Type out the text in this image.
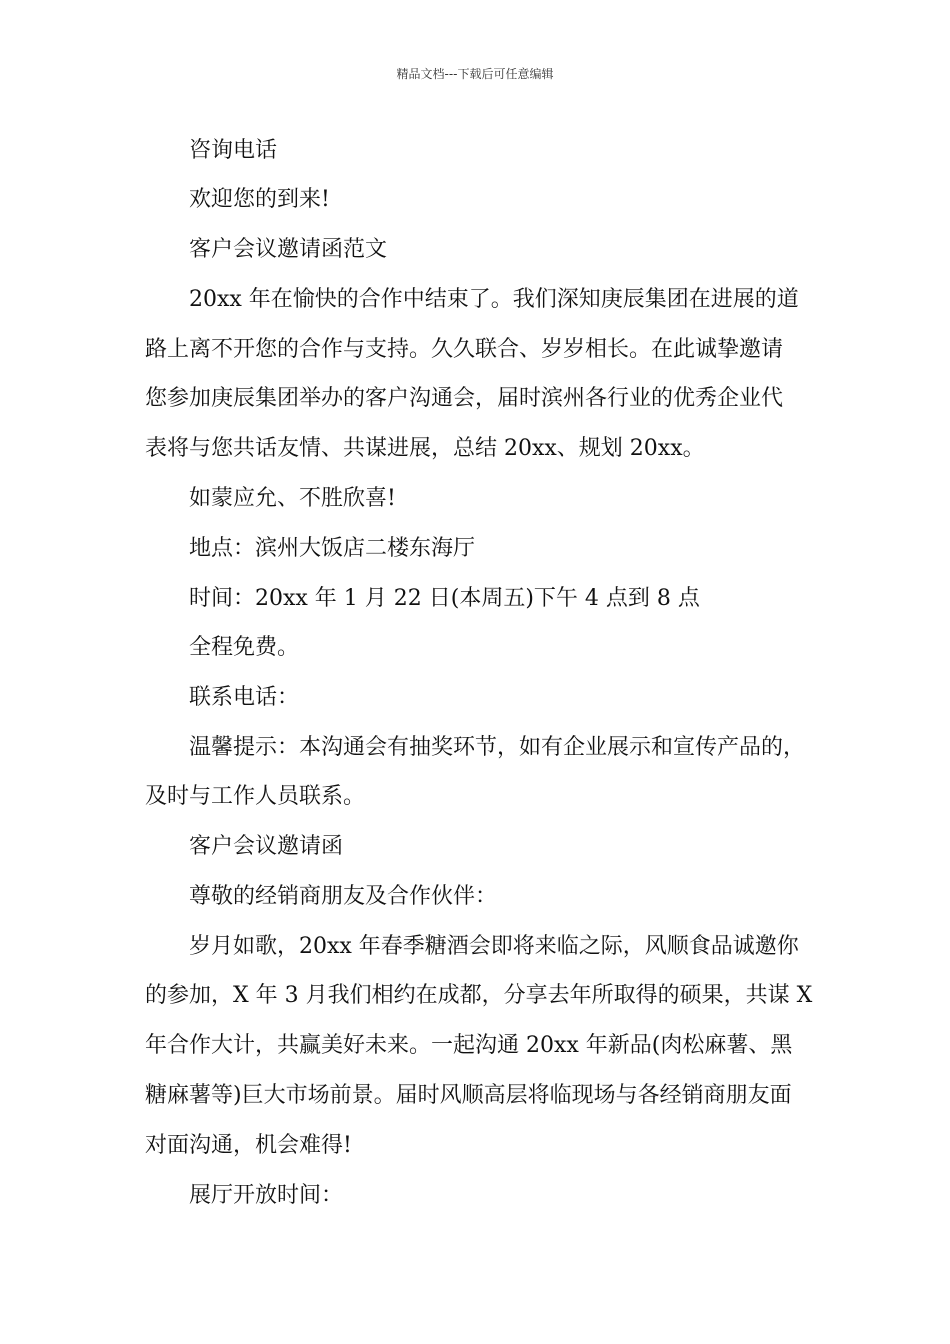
精品文档---下载后可任意编辑
咨询电话
欢迎您的到来!
客户会议邀请函范文
20xx 年在愉快的合作中结束了。我们深知庚辰集团在进展的道
路上离不开您的合作与支持。久久联合、岁岁相长。在此诚挚邀请
您参加庚辰集团举办的客户沟通会，届时滨州各行业的优秀企业代
表将与您共话友情、共谋进展，总结 20xx、规划 20xx。
如蒙应允、不胜欣喜!
地点：滨州大饭店二楼东海厅
时间：20xx 年 1 月 22 日(本周五)下午 4 点到 8 点
全程免费。
联系电话：
温馨提示：本沟通会有抽奖环节，如有企业展示和宣传产品的，
及时与工作人员联系。
客户会议邀请函
尊敬的经销商朋友及合作伙伴：
岁月如歌，20xx 年春季糖酒会即将来临之际，风顺食品诚邀你
的参加，X 年 3 月我们相约在成都，分享去年所取得的硕果，共谋 X
年合作大计，共赢美好未来。一起沟通 20xx 年新品(肉松麻薯、黑
糖麻薯等)巨大市场前景。届时风顺高层将临现场与各经销商朋友面
对面沟通，机会难得!
展厅开放时间：
